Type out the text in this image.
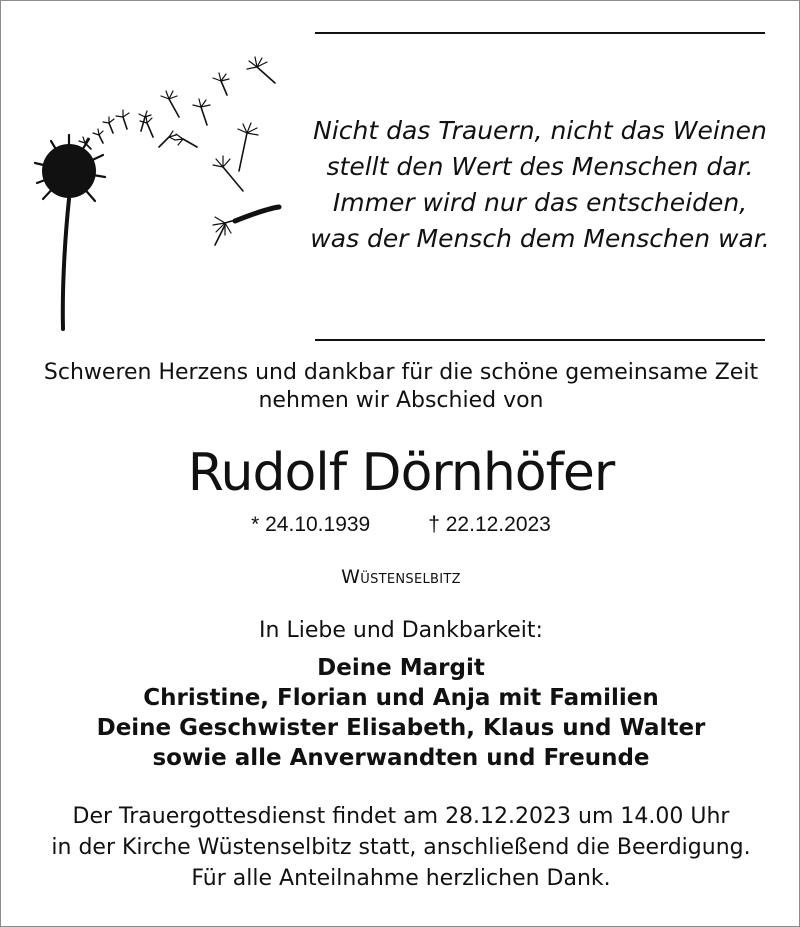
Nicht das Trauern, nicht das Weinen
stellt den Wert des Menschen dar.
Immer wird nur das entscheiden,
was der Mensch dem Menschen war.
Schweren Herzens und dankbar für die schöne gemeinsame Zeit
nehmen wir Abschied von
Rudolf Dörnhöfer
* 24.10.1939	† 22.12.2023
Wüstenselbitz
In Liebe und Dankbarkeit:
Deine Margit
Christine, Florian und Anja mit Familien
Deine Geschwister Elisabeth, Klaus und Walter
sowie alle Anverwandten und Freunde
Der Trauergottesdienst findet am 28.12.2023 um 14.00 Uhr
in der Kirche Wüstenselbitz statt, anschließend die Beerdigung.
Für alle Anteilnahme herzlichen Dank.
